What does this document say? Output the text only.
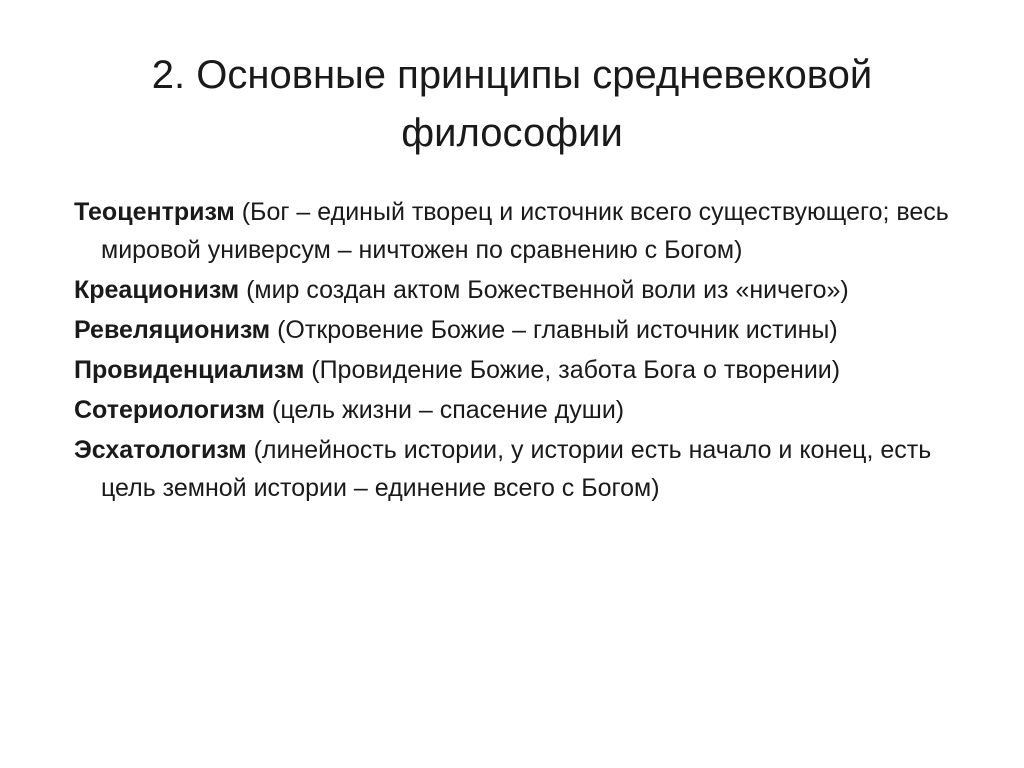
2. Основные принципы средневековой
философии
Теоцентризм (Бог – единый творец и источник всего существующего; весь мировой универсум – ничтожен по сравнению с Богом)
Креационизм (мир создан актом Божественной воли из «ничего»)
Ревеляционизм (Откровение Божие – главный источник истины)
Провиденциализм (Провидение Божие, забота Бога о творении)
Сотериологизм (цель жизни – спасение души)
Эсхатологизм (линейность истории, у истории есть начало и конец, есть цель земной истории – единение всего с Богом)
